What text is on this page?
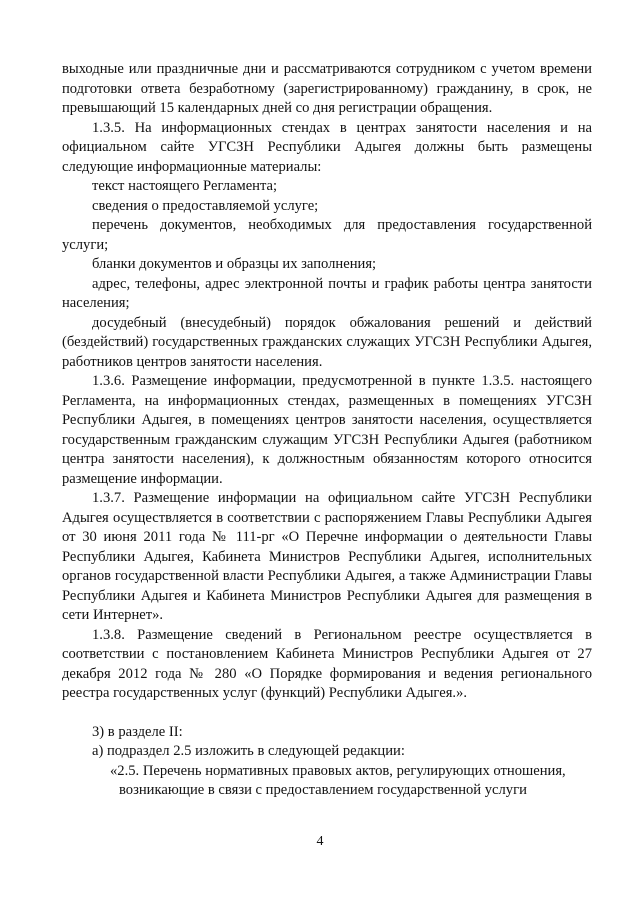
выходные или праздничные дни и рассматриваются сотрудником с учетом времени подготовки ответа безработному (зарегистрированному) гражданину, в срок, не превышающий 15 календарных дней со дня регистрации обращения.

1.3.5. На информационных стендах в центрах занятости населения и на официальном сайте УГСЗН Республики Адыгея должны быть размещены следующие информационные материалы:

текст настоящего Регламента;

сведения о предоставляемой услуге;

перечень документов, необходимых для предоставления государственной услуги;

бланки документов и образцы их заполнения;

адрес, телефоны, адрес электронной почты и график работы центра занятости населения;

досудебный (внесудебный) порядок обжалования решений и действий (бездействий) государственных гражданских служащих УГСЗН Республики Адыгея, работников центров занятости населения.

1.3.6. Размещение информации, предусмотренной в пункте 1.3.5. настоящего Регламента, на информационных стендах, размещенных в помещениях УГСЗН Республики Адыгея, в помещениях центров занятости населения, осуществляется государственным гражданским служащим УГСЗН Республики Адыгея (работником центра занятости населения), к должностным обязанностям которого относится размещение информации.

1.3.7. Размещение информации на официальном сайте УГСЗН Республики Адыгея осуществляется в соответствии с распоряжением Главы Республики Адыгея от 30 июня 2011 года № 111-рг «О Перечне информации о деятельности Главы Республики Адыгея, Кабинета Министров Республики Адыгея, исполнительных органов государственной власти Республики Адыгея, а также Администрации Главы Республики Адыгея и Кабинета Министров Республики Адыгея для размещения в сети Интернет».

1.3.8. Размещение сведений в Региональном реестре осуществляется в соответствии с постановлением Кабинета Министров Республики Адыгея от 27 декабря 2012 года № 280 «О Порядке формирования и ведения регионального реестра государственных услуг (функций) Республики Адыгея.».

3) в разделе II:

а) подраздел 2.5 изложить в следующей редакции:

«2.5. Перечень нормативных правовых актов, регулирующих отношения,

возникающие в связи с предоставлением государственной услуги

4
